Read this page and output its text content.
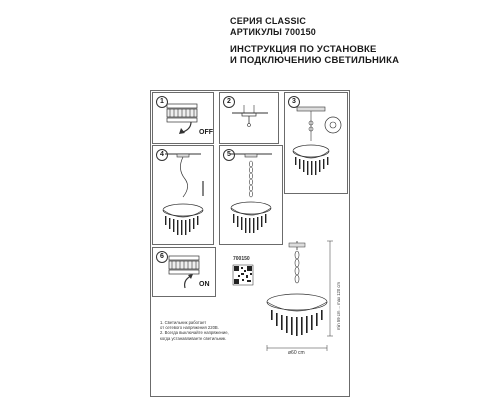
СЕРИЯ CLASSIC
АРТИКУЛЫ 700150
ИНСТРУКЦИЯ ПО УСТАНОВКЕ
И ПОДКЛЮЧЕНИЮ СВЕТИЛЬНИКА
1
OFF
2	3
4	5
6
ON
700150
min 59 cm ... max 120 cm
ø60 cm
1. Светильник работает
от сетевого напряжения 220В.
2. Всегда выключайте напряжение,
когда устанавливаете светильник.
